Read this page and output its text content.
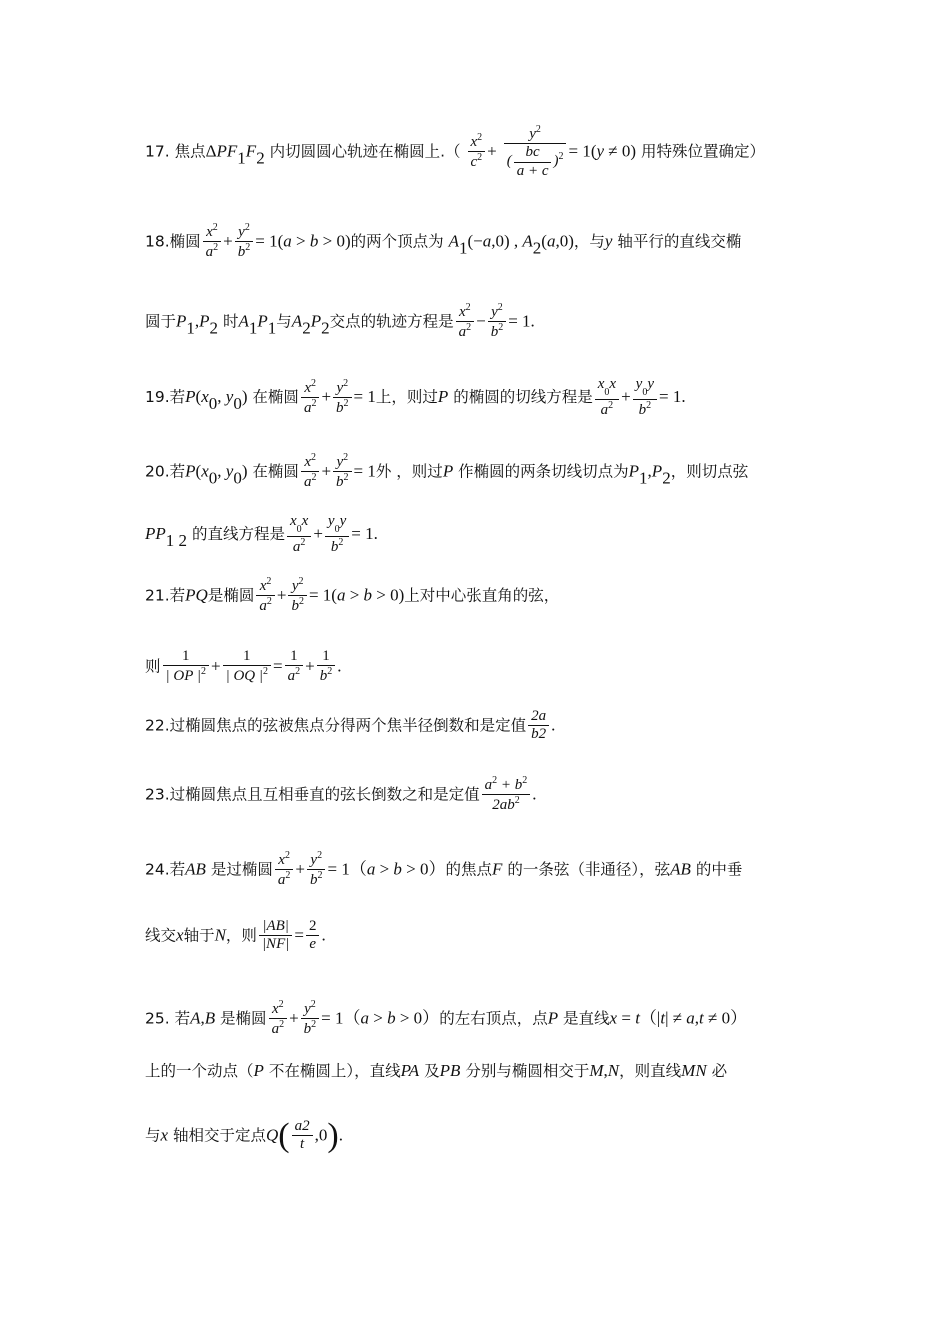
17. 焦点$\Delta PF_1F_2$ 内切圆圆心轨迹在椭圆上.（ $\frac{x^2}{c^2} + \frac{y^2}{( \frac{bc}{a + c} )^2} = 1(y \ne 0)$ 用特殊位置确定）
18.椭圆 $\frac{x^2}{a^2} + \frac{y^2}{b^2} = 1(a > b > 0)$的两个顶点为 $A_1(-a,0)$ , $A_2(a,0)$，与y 轴平行的直线交椭
圆于$P_1,P_2$ 时$A_1P_1$与$A_2P_2$交点的轨迹方程是 $\frac{x^2}{a^2} - \frac{y^2}{b^2} = 1$.
19.若$P(x_0$, $y_0$) 在椭圆 $\frac{x^2}{a^2} + \frac{y^2}{b^2} = 1$上，则过P 的椭圆的切线方程是 $\frac{x_0x}{a^2} + \frac{y_0y}{b^2} = 1$.
20.若$P(x_0$, $y_0$) 在椭圆 $\frac{x^2}{a^2} + \frac{y^2}{b^2} = 1$外 ，则过P 作椭圆的两条切线切点为$P_1,P_2$，则切点弦
$PP_{1 2}$ 的直线方程是 $\frac{x_0x}{a^2} + \frac{y_0y}{b^2} = 1$.
21.若PQ是椭圆 $\frac{x^2}{a^2} + \frac{y^2}{b^2} = 1(a > b > 0)$上对中心张直角的弦，
则 $\frac{1}{| OP |^2} + \frac{1}{| OQ |^2} = \frac{1}{a^2} + \frac{1}{b^2}$ .
22.过椭圆焦点的弦被焦点分得两个焦半径倒数和是定值 $\frac{2a}{b2}$ .
23.过椭圆焦点且互相垂直的弦长倒数之和是定值 $\frac{a^2 + b^2}{2ab^2}$ .
24.若AB 是过椭圆 $\frac{x^2}{a^2} + \frac{y^2}{b^2} = 1(a > b > 0)$的焦点F 的一条弦（非通径），弦AB 的中垂
线交x轴于N，则 $\frac{|AB|}{|NF|} = \frac{2}{e}$ .
25. 若A,B 是椭圆 $\frac{x^2}{a^2} + \frac{y^2}{b^2} = 1(a > b > 0)$的左右顶点，点P 是直线x = t（|t| ≠ a,t ≠ 0）
上的一个动点（P 不在椭圆上），直线PA 及PB 分别与椭圆相交于M,N，则直线MN 必
与x 轴相交于定点$Q( \frac{a2}{t} ,0)$.
